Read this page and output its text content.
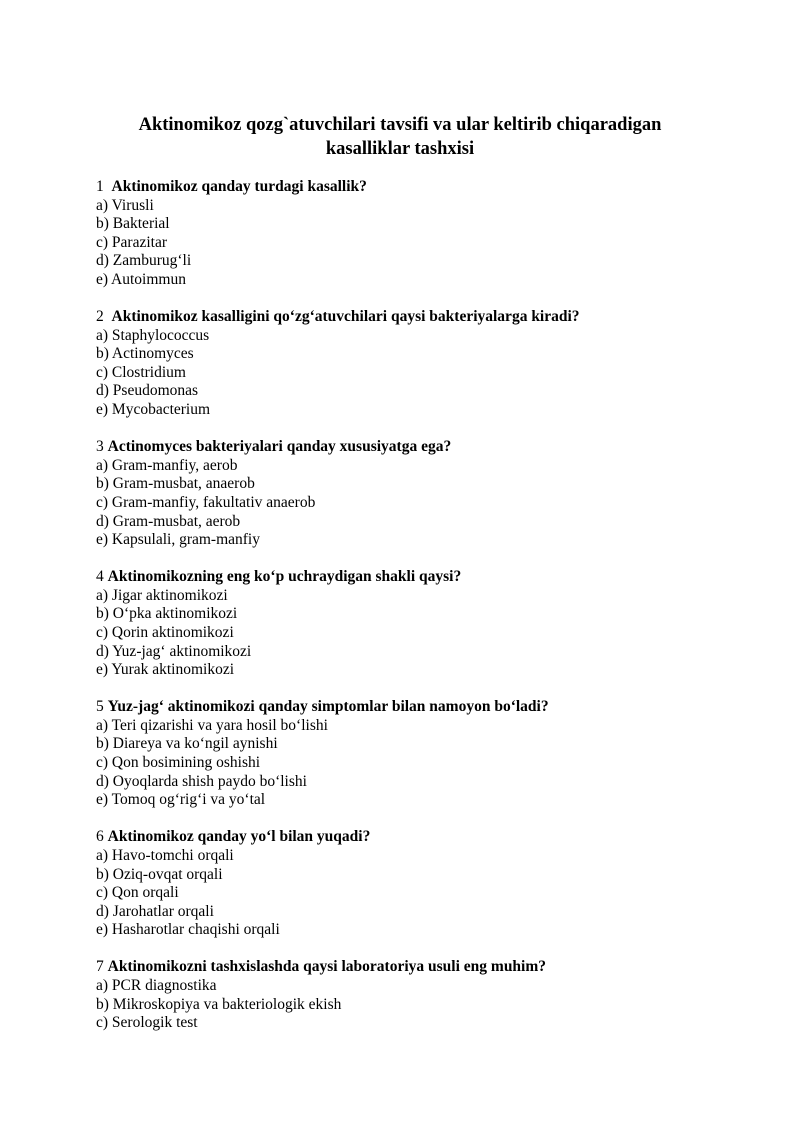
Aktinomikoz qozg`atuvchilari tavsifi va ular keltirib chiqaradigan
kasalliklar tashxisi
1 Aktinomikoz qanday turdagi kasallik?
a) Virusli
b) Bakterial
c) Parazitar
d) Zamburug‘li
e) Autoimmun
2 Aktinomikoz kasalligini qo‘zg‘atuvchilari qaysi bakteriyalarga kiradi?
a) Staphylococcus
b) Actinomyces
c) Clostridium
d) Pseudomonas
e) Mycobacterium
3 Actinomyces bakteriyalari qanday xususiyatga ega?
a) Gram-manfiy, aerob
b) Gram-musbat, anaerob
c) Gram-manfiy, fakultativ anaerob
d) Gram-musbat, aerob
e) Kapsulali, gram-manfiy
4 Aktinomikozning eng ko‘p uchraydigan shakli qaysi?
a) Jigar aktinomikozi
b) O‘pka aktinomikozi
c) Qorin aktinomikozi
d) Yuz-jag‘ aktinomikozi
e) Yurak aktinomikozi
5 Yuz-jag‘ aktinomikozi qanday simptomlar bilan namoyon bo‘ladi?
a) Teri qizarishi va yara hosil bo‘lishi
b) Diareya va ko‘ngil aynishi
c) Qon bosimining oshishi
d) Oyoqlarda shish paydo bo‘lishi
e) Tomoq og‘rig‘i va yo‘tal
6 Aktinomikoz qanday yo‘l bilan yuqadi?
a) Havo-tomchi orqali
b) Oziq-ovqat orqali
c) Qon orqali
d) Jarohatlar orqali
e) Hasharotlar chaqishi orqali
7 Aktinomikozni tashxislashda qaysi laboratoriya usuli eng muhim?
a) PCR diagnostika
b) Mikroskopiya va bakteriologik ekish
c) Serologik test
